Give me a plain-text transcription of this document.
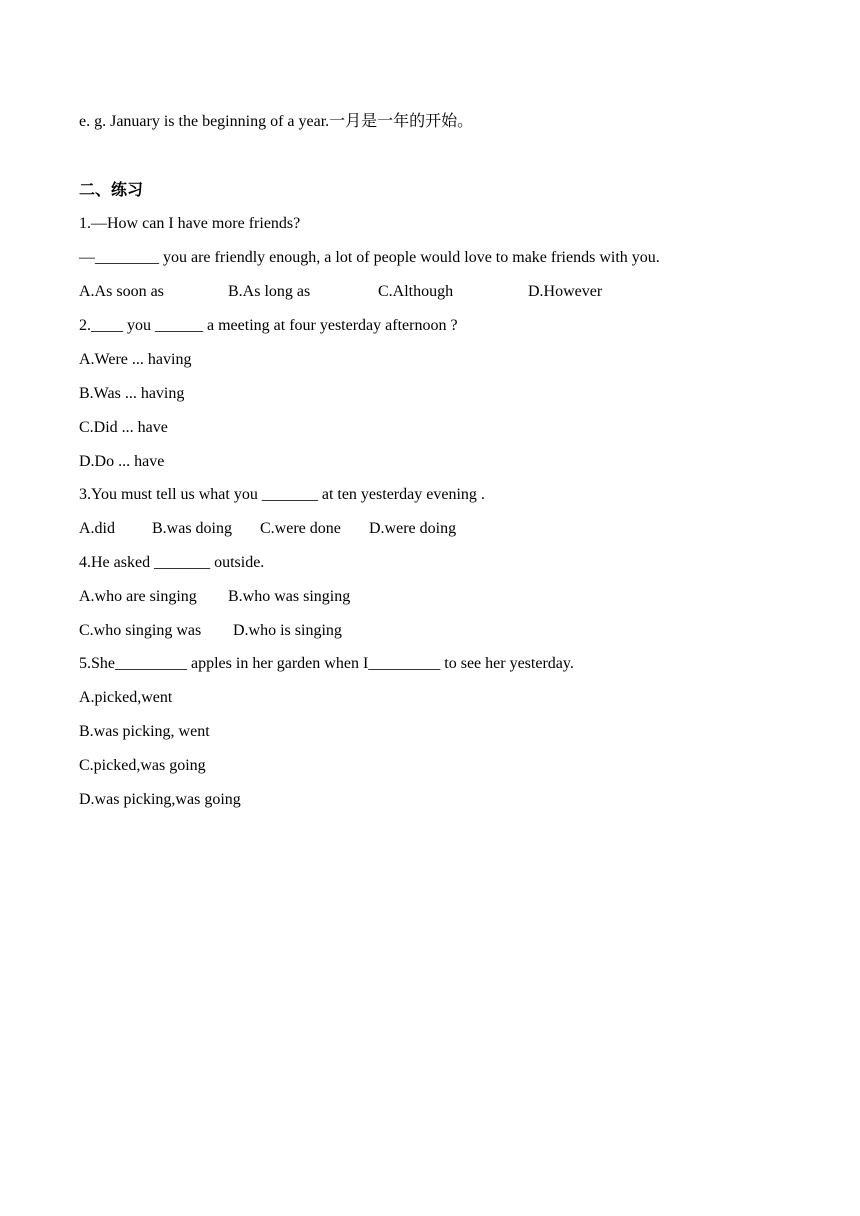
e. g. January is the beginning of a year.一月是一年的开始。
二、练习
1.—How can I have more friends?
—________ you are friendly enough, a lot of people would love to make friends with you.
A.As soon as	B.As long as	C.Although	D.However
2.____ you ______ a meeting at four yesterday afternoon ?
A.Were ... having
B.Was ... having
C.Did ... have
D.Do ... have
3.You must tell us what you _______ at ten yesterday evening .
A.did B.was doing C.were done D.were doing
4.He asked _______ outside.
A.who are singing B.who was singing
C.who singing was D.who is singing
5.She_________ apples in her garden when I_________ to see her yesterday.
A.picked,went
B.was picking, went
C.picked,was going
D.was picking,was going
